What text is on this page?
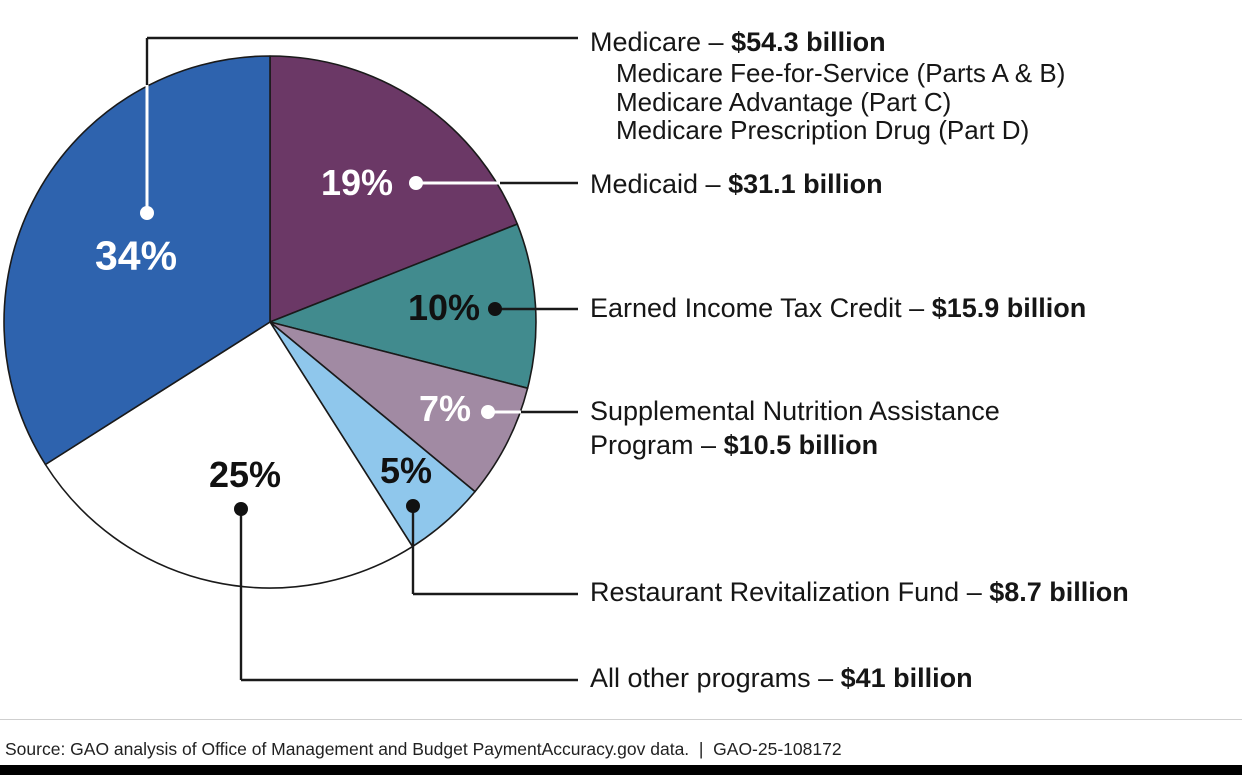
19%
10%
7%
5%
25%
34%
Medicare – $54.3 billion
Medicare Fee-for-Service (Parts A & B)
Medicare Advantage (Part C)
Medicare Prescription Drug (Part D)
Medicaid – $31.1 billion
Earned Income Tax Credit – $15.9 billion
Supplemental Nutrition Assistance
Program – $10.5 billion
Restaurant Revitalization Fund – $8.7 billion
All other programs – $41 billion
Source: GAO analysis of Office of Management and Budget PaymentAccuracy.gov data.  |  GAO-25-108172
